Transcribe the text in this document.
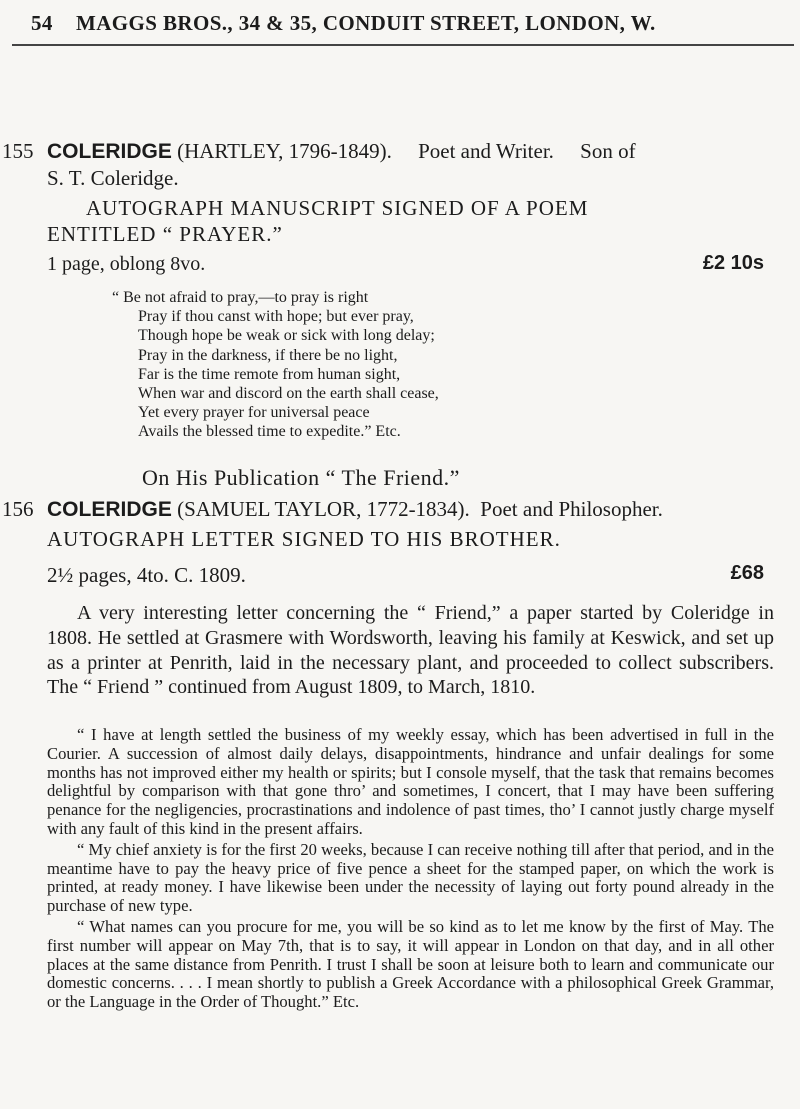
54	MAGGS BROS., 34 & 35, CONDUIT STREET, LONDON, W.
155 COLERIDGE (HARTLEY, 1796-1849).     Poet and Writer.     Son of
S. T. Coleridge.
AUTOGRAPH MANUSCRIPT SIGNED OF A POEM
ENTITLED “ PRAYER.”
1 page, oblong 8vo.	£2 10s
“ Be not afraid to pray,—to pray is right
Pray if thou canst with hope; but ever pray,
Though hope be weak or sick with long delay;
Pray in the darkness, if there be no light,
Far is the time remote from human sight,
When war and discord on the earth shall cease,
Yet every prayer for universal peace
Avails the blessed time to expedite.” Etc.
On His Publication “ The Friend.”
156 COLERIDGE (SAMUEL TAYLOR, 1772-1834).  Poet and Philosopher.
AUTOGRAPH LETTER SIGNED TO HIS BROTHER.
2½ pages, 4to. C. 1809.	£68
A very interesting letter concerning the “ Friend,” a paper started by Coleridge in 1808. He settled at Grasmere with Wordsworth, leaving his family at Keswick, and set up as a printer at Penrith, laid in the necessary plant, and proceeded to collect subscribers. The “ Friend ” continued from August 1809, to March, 1810.

“ I have at length settled the business of my weekly essay, which has been advertised in full in the Courier. A succession of almost daily delays, disappointments, hindrance and unfair dealings for some months has not improved either my health or spirits; but I console myself, that the task that remains becomes delightful by comparison with that gone thro’ and sometimes, I concert, that I may have been suffering penance for the negligencies, procrastinations and indolence of past times, tho’ I cannot justly charge myself with any fault of this kind in the present affairs.

“ My chief anxiety is for the first 20 weeks, because I can receive nothing till after that period, and in the meantime have to pay the heavy price of five pence a sheet for the stamped paper, on which the work is printed, at ready money. I have likewise been under the necessity of laying out forty pound already in the purchase of new type.

“ What names can you procure for me, you will be so kind as to let me know by the first of May. The first number will appear on May 7th, that is to say, it will appear in London on that day, and in all other places at the same distance from Penrith. I trust I shall be soon at leisure both to learn and communicate our domestic concerns. . . . I mean shortly to publish a Greek Accordance with a philosophical Greek Grammar, or the Language in the Order of Thought.” Etc.
